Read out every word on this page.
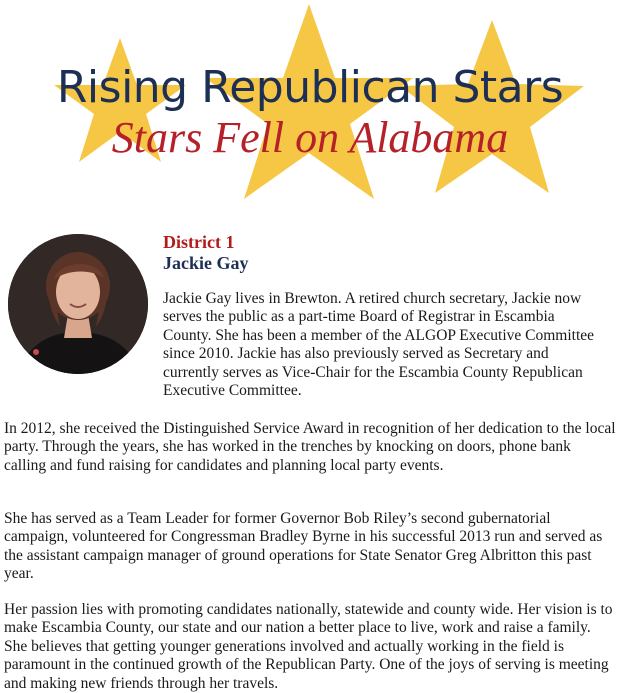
Rising Republican Stars
Stars Fell on Alabama
District 1
Jackie Gay
Jackie Gay lives in Brewton. A retired church secretary, Jackie now serves the public as a part-time Board of Registrar in Escambia County. She has been a member of the ALGOP Executive Committee since 2010. Jackie has also previously served as Secretary and currently serves as Vice-Chair for the Escambia County Republican Executive Committee.
In 2012, she received the Distinguished Service Award in recognition of her dedication to the local party. Through the years, she has worked in the trenches by knocking on doors, phone bank calling and fund raising for candidates and planning local party events.
She has served as a Team Leader for former Governor Bob Riley’s second gubernatorial campaign, volunteered for Congressman Bradley Byrne in his successful 2013 run and served as the assistant campaign manager of ground operations for State Senator Greg Albritton this past year.
Her passion lies with promoting candidates nationally, statewide and county wide. Her vision is to make Escambia County, our state and our nation a better place to live, work and raise a family. She believes that getting younger generations involved and actually working in the field is paramount in the continued growth of the Republican Party. One of the joys of serving is meeting and making new friends through her travels.
